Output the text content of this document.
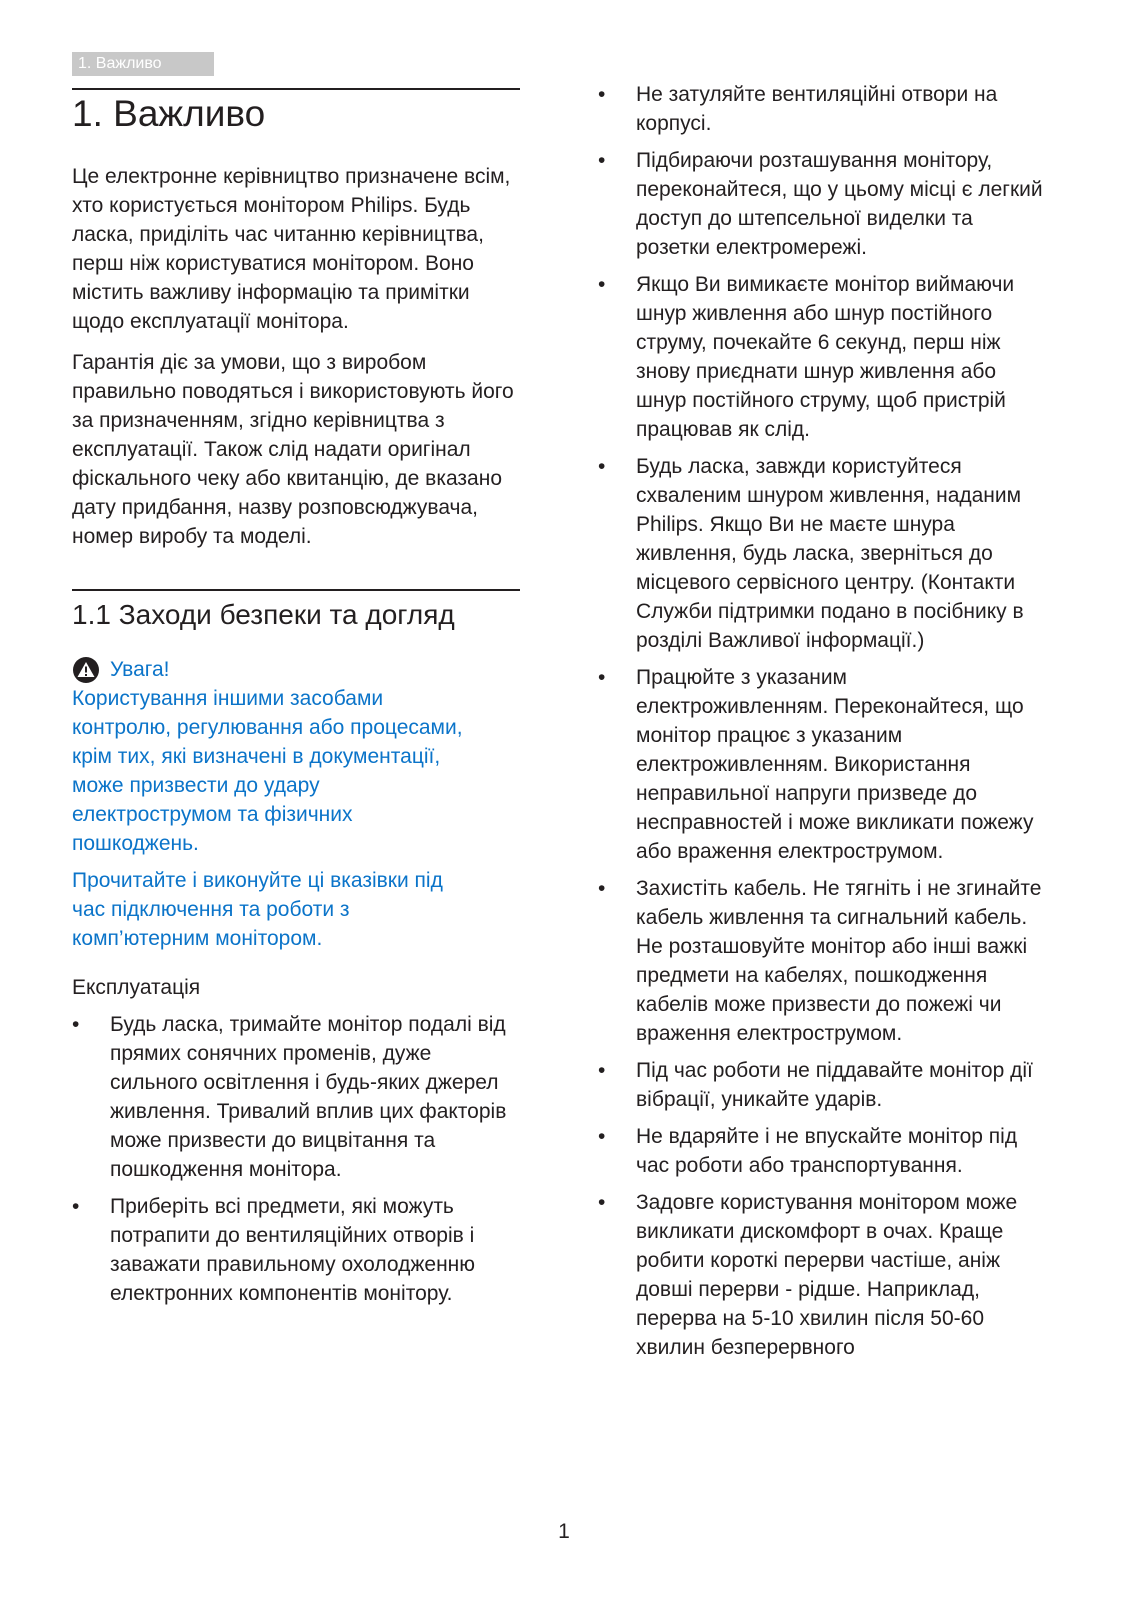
1. Важливо
1. Важливо

Це електронне керівництво призначене всім, хто користується монітором Philips. Будь ласка, приділіть час читанню керівництва, перш ніж користуватися монітором. Воно містить важливу інформацію та примітки щодо експлуатації монітора.

Гарантія діє за умови, що з виробом правильно поводяться і використовують його за призначенням, згідно керівництва з експлуатації. Також слід надати оригінал фіскального чеку або квитанцію, де вказано дату придбання, назву розповсюджувача, номер виробу та моделі.

1.1 Заходи безпеки та догляд
Увага!

Користування іншими засобами контролю, регулювання або процесами, крім тих, які визначені в документації, може призвести до удару електрострумом та фізичних пошкоджень.

Прочитайте і виконуйте ці вказівки під час підключення та роботи з комп’ютерним монітором.

Експлуатація

• Будь ласка, тримайте монітор подалі від прямих сонячних променів, дуже сильного освітлення і будь-яких джерел живлення. Тривалий вплив цих факторів може призвести до вицвітання та пошкодження монітора.
• Приберіть всі предмети, які можуть потрапити до вентиляційних отворів і заважати правильному охолодженню електронних компонентів монітору.
• Не затуляйте вентиляційні отвори на корпусі.
• Підбираючи розташування монітору, переконайтеся, що у цьому місці є легкий доступ до штепсельної виделки та розетки електромережі.
• Якщо Ви вимикаєте монітор виймаючи шнур живлення або шнур постійного струму, почекайте 6 секунд, перш ніж знову приєднати шнур живлення або шнур постійного струму, щоб пристрій працював як слід.
• Будь ласка, завжди користуйтеся схваленим шнуром живлення, наданим Philips. Якщо Ви не маєте шнура живлення, будь ласка, зверніться до місцевого сервісного центру. (Контакти Служби підтримки подано в посібнику в розділі Важливої інформації.)
• Працюйте з указаним електроживленням. Переконайтеся, що монітор працює з указаним електроживленням. Використання неправильної напруги призведе до несправностей і може викликати пожежу або враження електрострумом.
• Захистіть кабель. Не тягніть і не згинайте кабель живлення та сигнальний кабель. Не розташовуйте монітор або інші важкі предмети на кабелях, пошкодження кабелів може призвести до пожежі чи враження електрострумом.
• Під час роботи не піддавайте монітор дії вібрації, уникайте ударів.
• Не вдаряйте і не впускайте монітор під час роботи або транспортування.
• Задовге користування монітором може викликати дискомфорт в очах. Краще робити короткі перерви частіше, аніж довші перерви - рідше. Наприклад, перерва на 5-10 хвилин після 50-60 хвилин безперервного
1
